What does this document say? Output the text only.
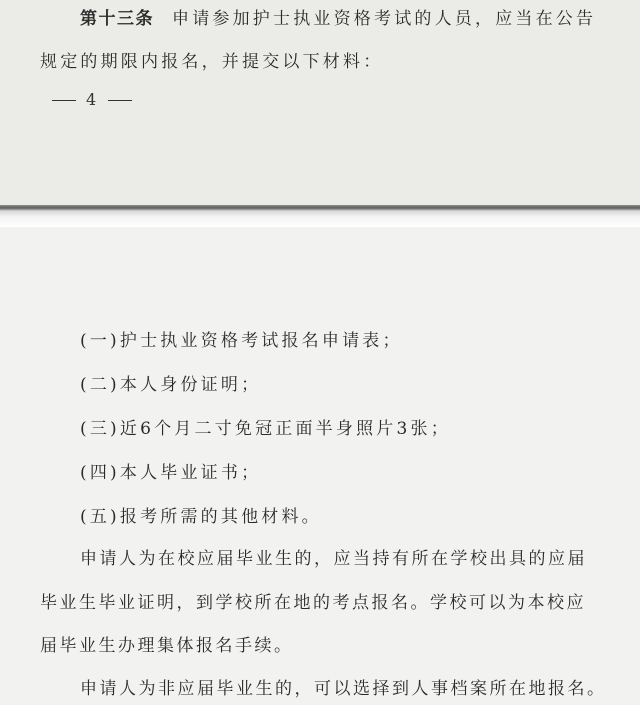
第十三条 申请参加护士执业资格考试的人员，应当在公告
规定的期限内报名，并提交以下材料：
4
(一)护士执业资格考试报名申请表；
(二)本人身份证明；
(三)近6个月二寸免冠正面半身照片3张；
(四)本人毕业证书；
(五)报考所需的其他材料。
申请人为在校应届毕业生的，应当持有所在学校出具的应届
毕业生毕业证明，到学校所在地的考点报名。学校可以为本校应
届毕业生办理集体报名手续。
申请人为非应届毕业生的，可以选择到人事档案所在地报名。
